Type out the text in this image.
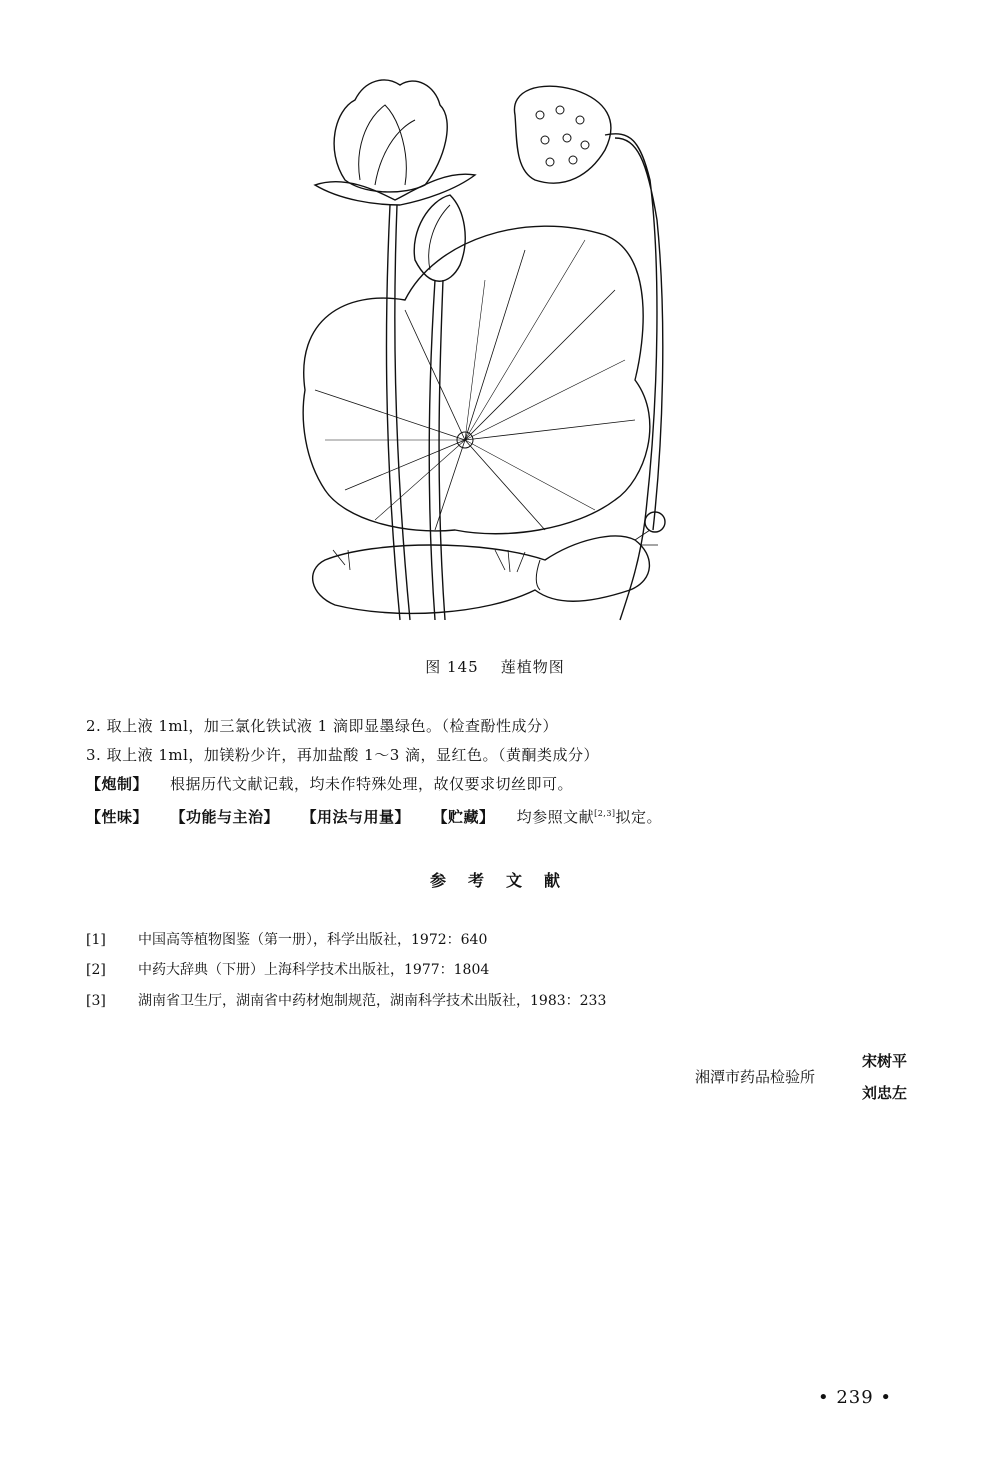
图 145 莲植物图
2. 取上液 1ml，加三氯化铁试液 1 滴即显墨绿色。（检查酚性成分）
3. 取上液 1ml，加镁粉少许，再加盐酸 1～3 滴，显红色。（黄酮类成分）
【炮制】 根据历代文献记载，均未作特殊处理，故仅要求切丝即可。
【性味】 【功能与主治】 【用法与用量】 【贮藏】 均参照文献[2,3]拟定。
参考文献
[1] 中国高等植物图鉴（第一册），科学出版社，1972：640
[2] 中药大辞典（下册）上海科学技术出版社，1977：1804
[3] 湖南省卫生厅，湖南省中药材炮制规范，湖南科学技术出版社，1983：233
湘潭市药品检验所
宋树平
刘忠左
• 239 •
